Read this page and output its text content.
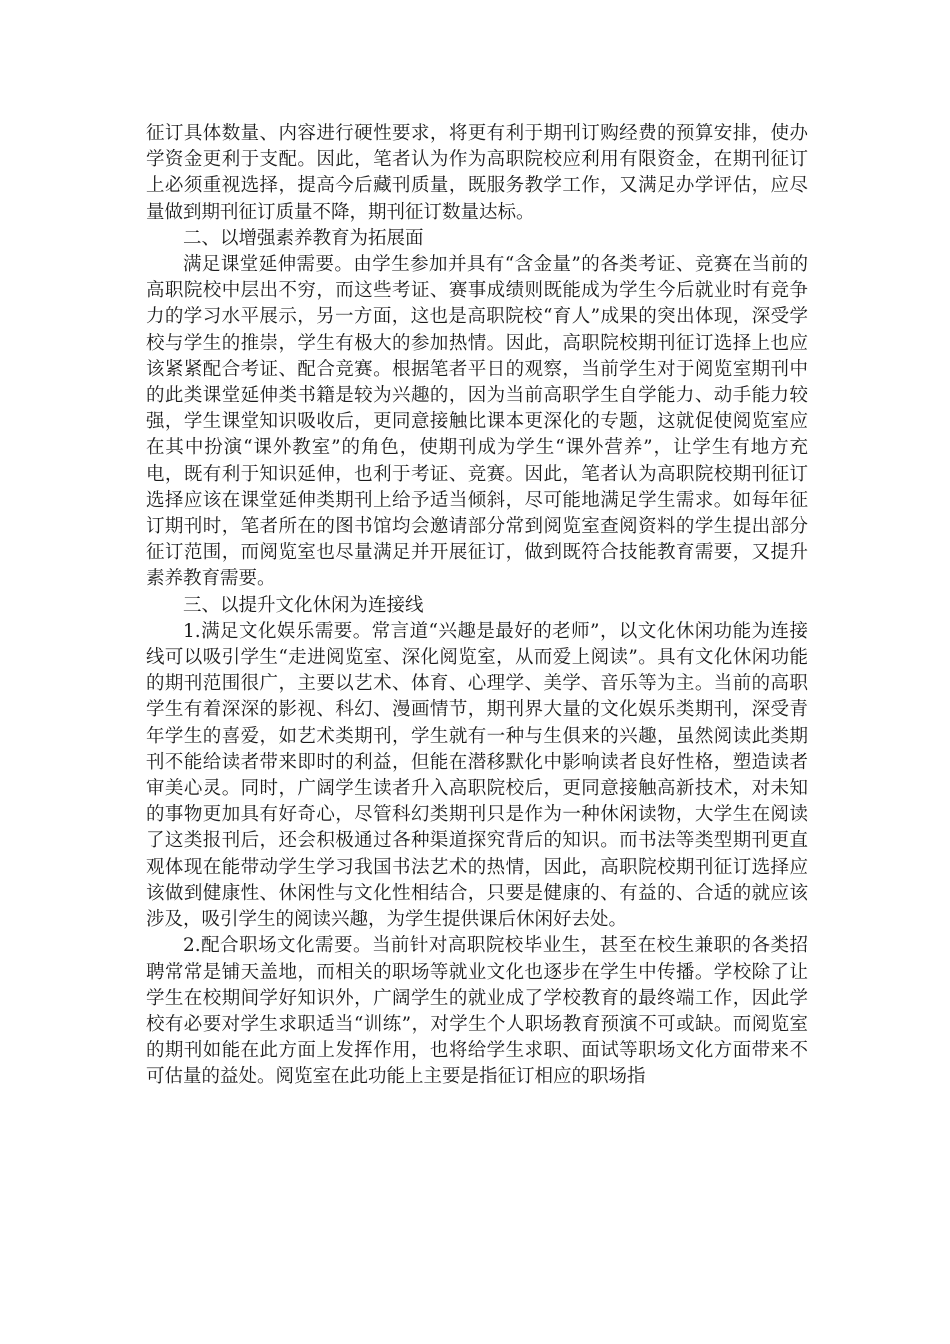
征订具体数量、内容进行硬性要求，将更有利于期刊订购经费的预算安排，使办学资金更利于支配。因此，笔者认为作为高职院校应利用有限资金，在期刊征订上必须重视选择，提高今后藏刊质量，既服务教学工作，又满足办学评估，应尽量做到期刊征订质量不降，期刊征订数量达标。

二、以增强素养教育为拓展面

满足课堂延伸需要。由学生参加并具有“含金量”的各类考证、竞赛在当前的高职院校中层出不穷，而这些考证、赛事成绩则既能成为学生今后就业时有竞争力的学习水平展示，另一方面，这也是高职院校“育人”成果的突出体现，深受学校与学生的推崇，学生有极大的参加热情。因此，高职院校期刊征订选择上也应该紧紧配合考证、配合竞赛。根据笔者平日的观察，当前学生对于阅览室期刊中的此类课堂延伸类书籍是较为兴趣的，因为当前高职学生自学能力、动手能力较强，学生课堂知识吸收后，更同意接触比课本更深化的专题，这就促使阅览室应在其中扮演“课外教室”的角色，使期刊成为学生“课外营养”，让学生有地方充电，既有利于知识延伸，也利于考证、竞赛。因此，笔者认为高职院校期刊征订选择应该在课堂延伸类期刊上给予适当倾斜，尽可能地满足学生需求。如每年征订期刊时，笔者所在的图书馆均会邀请部分常到阅览室查阅资料的学生提出部分征订范围，而阅览室也尽量满足并开展征订，做到既符合技能教育需要，又提升素养教育需要。

三、以提升文化休闲为连接线

1.满足文化娱乐需要。常言道“兴趣是最好的老师”，以文化休闲功能为连接线可以吸引学生“走进阅览室、深化阅览室，从而爱上阅读”。具有文化休闲功能的期刊范围很广，主要以艺术、体育、心理学、美学、音乐等为主。当前的高职学生有着深深的影视、科幻、漫画情节，期刊界大量的文化娱乐类期刊，深受青年学生的喜爱，如艺术类期刊，学生就有一种与生俱来的兴趣，虽然阅读此类期刊不能给读者带来即时的利益，但能在潜移默化中影响读者良好性格，塑造读者审美心灵。同时，广阔学生读者升入高职院校后，更同意接触高新技术，对未知的事物更加具有好奇心，尽管科幻类期刊只是作为一种休闲读物，大学生在阅读了这类报刊后，还会积极通过各种渠道探究背后的知识。而书法等类型期刊更直观体现在能带动学生学习我国书法艺术的热情，因此，高职院校期刊征订选择应该做到健康性、休闲性与文化性相结合，只要是健康的、有益的、合适的就应该涉及，吸引学生的阅读兴趣，为学生提供课后休闲好去处。

2.配合职场文化需要。当前针对高职院校毕业生，甚至在校生兼职的各类招聘常常是铺天盖地，而相关的职场等就业文化也逐步在学生中传播。学校除了让学生在校期间学好知识外，广阔学生的就业成了学校教育的最终端工作，因此学校有必要对学生求职适当“训练”，对学生个人职场教育预演不可或缺。而阅览室的期刊如能在此方面上发挥作用，也将给学生求职、面试等职场文化方面带来不可估量的益处。阅览室在此功能上主要是指征订相应的职场指
